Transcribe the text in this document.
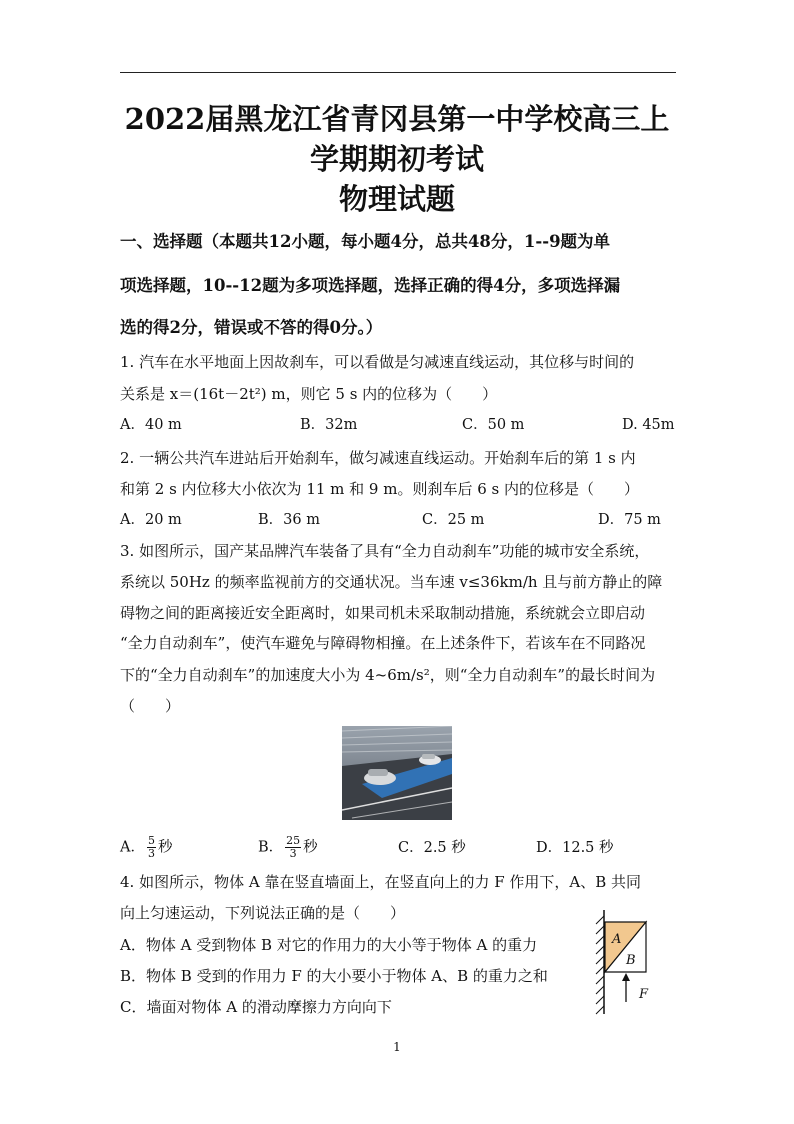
2022届黑龙江省青冈县第一中学校高三上
学期期初考试
物理试题
一、选择题（本题共12小题，每小题4分，总共48分，1--9题为单
项选择题，10--12题为多项选择题，选择正确的得4分，多项选择漏
选的得2分，错误或不答的得0分。）
1. 汽车在水平地面上因故刹车，可以看做是匀减速直线运动，其位移与时间的
关系是 x＝(16t－2t²) m，则它 5 s 内的位移为（　　）
A．40 m	B．32m	C．50 m	D. 45m
2. 一辆公共汽车进站后开始刹车，做匀减速直线运动。开始刹车后的第 1 s 内
和第 2 s 内位移大小依次为 11 m 和 9 m。则刹车后 6 s 内的位移是（　　）
A．20 m	B．36 m	C．25 m	D．75 m
3. 如图所示，国产某品牌汽车装备了具有“全力自动刹车”功能的城市安全系统，
系统以 50Hz 的频率监视前方的交通状况。当车速 v≤36km/h 且与前方静止的障
碍物之间的距离接近安全距离时，如果司机未采取制动措施，系统就会立即启动
“全力自动刹车”，使汽车避免与障碍物相撞。在上述条件下，若该车在不同路况
下的“全力自动刹车”的加速度大小为 4~6m/s²，则“全力自动刹车”的最长时间为
（　　）
A． $\frac{5}{3}$ 秒	B． $\frac{25}{3}$ 秒	C．2.5 秒	D．12.5 秒
4. 如图所示，物体 A 靠在竖直墙面上，在竖直向上的力 F 作用下，A、B 共同
向上匀速运动，下列说法正确的是（　　）
A．物体 A 受到物体 B 对它的作用力的大小等于物体 A 的重力
B．物体 B 受到的作用力 F 的大小要小于物体 A、B 的重力之和
C．墙面对物体 A 的滑动摩擦力方向向下
A
B
F
1
